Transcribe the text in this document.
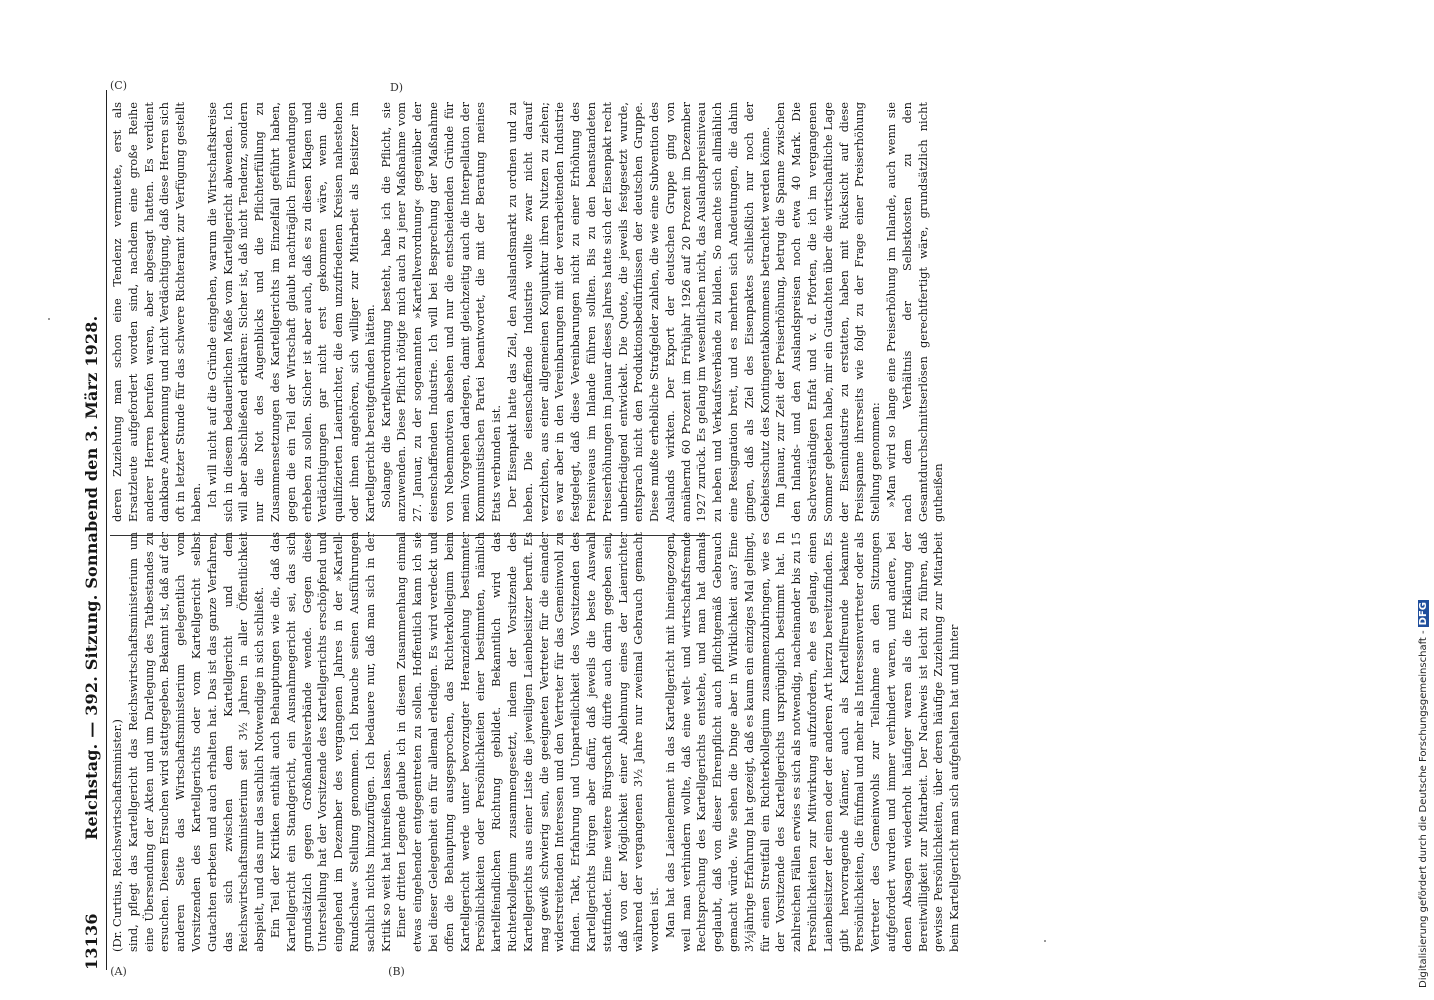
13136
Reichstag. — 392. Sitzung. Sonnabend den 3. März 1928.
(A)	(B)
(C)	D)

(Dr. Curtius, Reichswirtschaftsminister.) sind, pflegt das Kartellgericht das Reichswirtschaftsministerium um eine Übersendung der Akten und um Darlegung des Tatbestandes zu ersuchen. Diesem Ersuchen wird stattgegeben. Bekannt ist, daß auf der anderen Seite das Wirtschaftsministerium gelegentlich vom Vorsitzenden des Kartellgerichts oder vom Kartellgericht selbst Gutachten erbeten und auch erhalten hat. Das ist das ganze Verfahren, das sich zwischen dem Kartellgericht und dem Reichswirtschaftsministerium seit 3½ Jahren in aller Öffentlichkeit abspielt, und das nur das sachlich Notwendige in sich schließt. Ein Teil der Kritiken enthält auch Behauptungen wie die, daß das Kartellgericht ein Standgericht, ein Ausnahmegericht sei, das sich grundsätzlich gegen Großhandelsverbände wende. Gegen diese Unterstellung hat der Vorsitzende des Kartellgerichts erschöpfend und eingehend im Dezember des vergangenen Jahres in der »Kartell-Rundschau« Stellung genommen. Ich brauche seinen Ausführungen sachlich nichts hinzuzufügen. Ich bedauere nur, daß man sich in der Kritik so weit hat hinreißen lassen. Einer dritten Legende glaube ich in diesem Zusammenhang einmal etwas eingehender entgegentreten zu sollen. Hoffentlich kann ich sie bei dieser Gelegenheit ein für allemal erledigen. Es wird verdeckt und offen die Behauptung ausgesprochen, das Richterkollegium beim Kartellgericht werde unter bevorzugter Heranziehung bestimmter Persönlichkeiten oder Persönlichkeiten einer bestimmten, nämlich kartellfeindlichen Richtung gebildet. Bekanntlich wird das Richterkollegium zusammengesetzt, indem der Vorsitzende des Kartellgerichts aus einer Liste die jeweiligen Laienbeisitzer beruft. Es mag gewiß schwierig sein, die geeigneten Vertreter für die einander widerstreitenden Interessen und den Vertreter für das Gemeinwohl zu finden. Takt, Erfahrung und Unparteilichkeit des Vorsitzenden des Kartellgerichts bürgen aber dafür, daß jeweils die beste Auswahl stattfindet. Eine weitere Bürgschaft dürfte auch darin gegeben sein, daß von der Möglichkeit einer Ablehnung eines der Laienrichter während der vergangenen 3½ Jahre nur zweimal Gebrauch gemacht worden ist. Man hat das Laienelement in das Kartellgericht mit hineingezogen, weil man verhindern wollte, daß eine welt- und wirtschaftsfremde Rechtsprechung des Kartellgerichts entstehe, und man hat damals geglaubt, daß von dieser Ehrenpflicht auch pflichtgemäß Gebrauch gemacht würde. Wie sehen die Dinge aber in Wirklichkeit aus? Eine 3½jährige Erfahrung hat gezeigt, daß es kaum ein einziges Mal gelingt, für einen Streitfall ein Richterkollegium zusammenzubringen, wie es der Vorsitzende des Kartellgerichts ursprünglich bestimmt hat. In zahlreichen Fällen erwies es sich als notwendig, nacheinander bis zu 15 Persönlichkeiten zur Mitwirkung aufzufordern, ehe es gelang, einen Laienbeisitzer der einen oder der anderen Art hierzu bereitzufinden. Es gibt hervorragende Männer, auch als Kartellfreunde bekannte Persönlichkeiten, die fünfmal und mehr als Interessenvertreter oder als Vertreter des Gemeinwohls zur Teilnahme an den Sitzungen aufgefordert wurden und immer verhindert waren, und andere, bei denen Absagen wiederholt häufiger waren als die Erklärung der Bereitwilligkeit zur Mitarbeit. Der Nachweis ist leicht zu führen, daß gewisse Persönlichkeiten, über deren häufige Zuziehung zur Mitarbeit beim Kartellgericht man sich aufgehalten hat und hinter

deren Zuziehung man schon eine Tendenz vermutete, erst als Ersatzleute aufgefordert worden sind, nachdem eine große Reihe anderer Herren berufen waren, aber abgesagt hatten. Es verdient dankbare Anerkennung und nicht Verdächtigung, daß diese Herren sich oft in letzter Stunde für das schwere Richteramt zur Verfügung gestellt haben. Ich will nicht auf die Gründe eingehen, warum die Wirtschaftskreise sich in diesem bedauerlichen Maße vom Kartellgericht abwenden. Ich will aber abschließend erklären: Sicher ist, daß nicht Tendenz, sondern nur die Not des Augenblicks und die Pflichterfüllung zu Zusammensetzungen des Kartellgerichts im Einzelfall geführt haben, gegen die ein Teil der Wirtschaft glaubt nachträglich Einwendungen erheben zu sollen. Sicher ist aber auch, daß es zu diesen Klagen und Verdächtigungen gar nicht erst gekommen wäre, wenn die qualifizierten Laienrichter, die dem unzufriedenen Kreisen nahestehen oder ihnen angehören, sich williger zur Mitarbeit als Beisitzer im Kartellgericht bereitgefunden hätten. Solange die Kartellverordnung besteht, habe ich die Pflicht, sie anzuwenden. Diese Pflicht nötigte mich auch zu jener Maßnahme vom 27. Januar, zu der sogenannten »Kartellverordnung« gegenüber der eisenschaffenden Industrie. Ich will bei Besprechung der Maßnahme von Nebenmotiven absehen und nur die entscheidenden Gründe für mein Vorgehen darlegen, damit gleichzeitig auch die Interpellation der Kommunistischen Partei beantwortet, die mit der Beratung meines Etats verbunden ist. Der Eisenpakt hatte das Ziel, den Auslandsmarkt zu ordnen und zu heben. Die eisenschaffende Industrie wollte zwar nicht darauf verzichten, aus einer allgemeinen Konjunktur ihren Nutzen zu ziehen; es war aber in den Vereinbarungen mit der verarbeitenden Industrie festgelegt, daß diese Vereinbarungen nicht zu einer Erhöhung des Preisniveaus im Inlande führen sollten. Bis zu den beanstandeten Preiserhöhungen im Januar dieses Jahres hatte sich der Eisenpakt recht unbefriedigend entwickelt. Die Quote, die jeweils festgesetzt wurde, entsprach nicht den Produktionsbedürfnissen der deutschen Gruppe. Diese mußte erhebliche Strafgelder zahlen, die wie eine Subvention des Auslands wirkten. Der Export der deutschen Gruppe ging von annähernd 60 Prozent im Frühjahr 1926 auf 20 Prozent im Dezember 1927 zurück. Es gelang im wesentlichen nicht, das Auslandspreisniveau zu heben und Verkaufsverbände zu bilden. So machte sich allmählich eine Resignation breit, und es mehrten sich Andeutungen, die dahin gingen, daß als Ziel des Eisenpaktes schließlich nur noch der Gebietsschutz des Kontingentabkommens betrachtet werden könne. Im Januar, zur Zeit der Preiserhöhung, betrug die Spanne zwischen den Inlands- und den Auslandspreisen noch etwa 40 Mark. Die Sachverständigen Enfat und v. d. Pforten, die ich im vergangenen Sommer gebeten habe, mir ein Gutachten über die wirtschaftliche Lage der Eisenindustrie zu erstatten, haben mit Rücksicht auf diese Preisspanne ihrerseits wie folgt zu der Frage einer Preiserhöhung Stellung genommen: »Man wird so lange eine Preiserhöhung im Inlande, auch wenn sie nach dem Verhältnis der Selbstkosten zu den Gesamtdurchschnittserlösen gerechtfertigt wäre, grundsätzlich nicht gutheißen

Digitalisierung gefördert durch die Deutsche Forschungsgemeinschaft -DFG
